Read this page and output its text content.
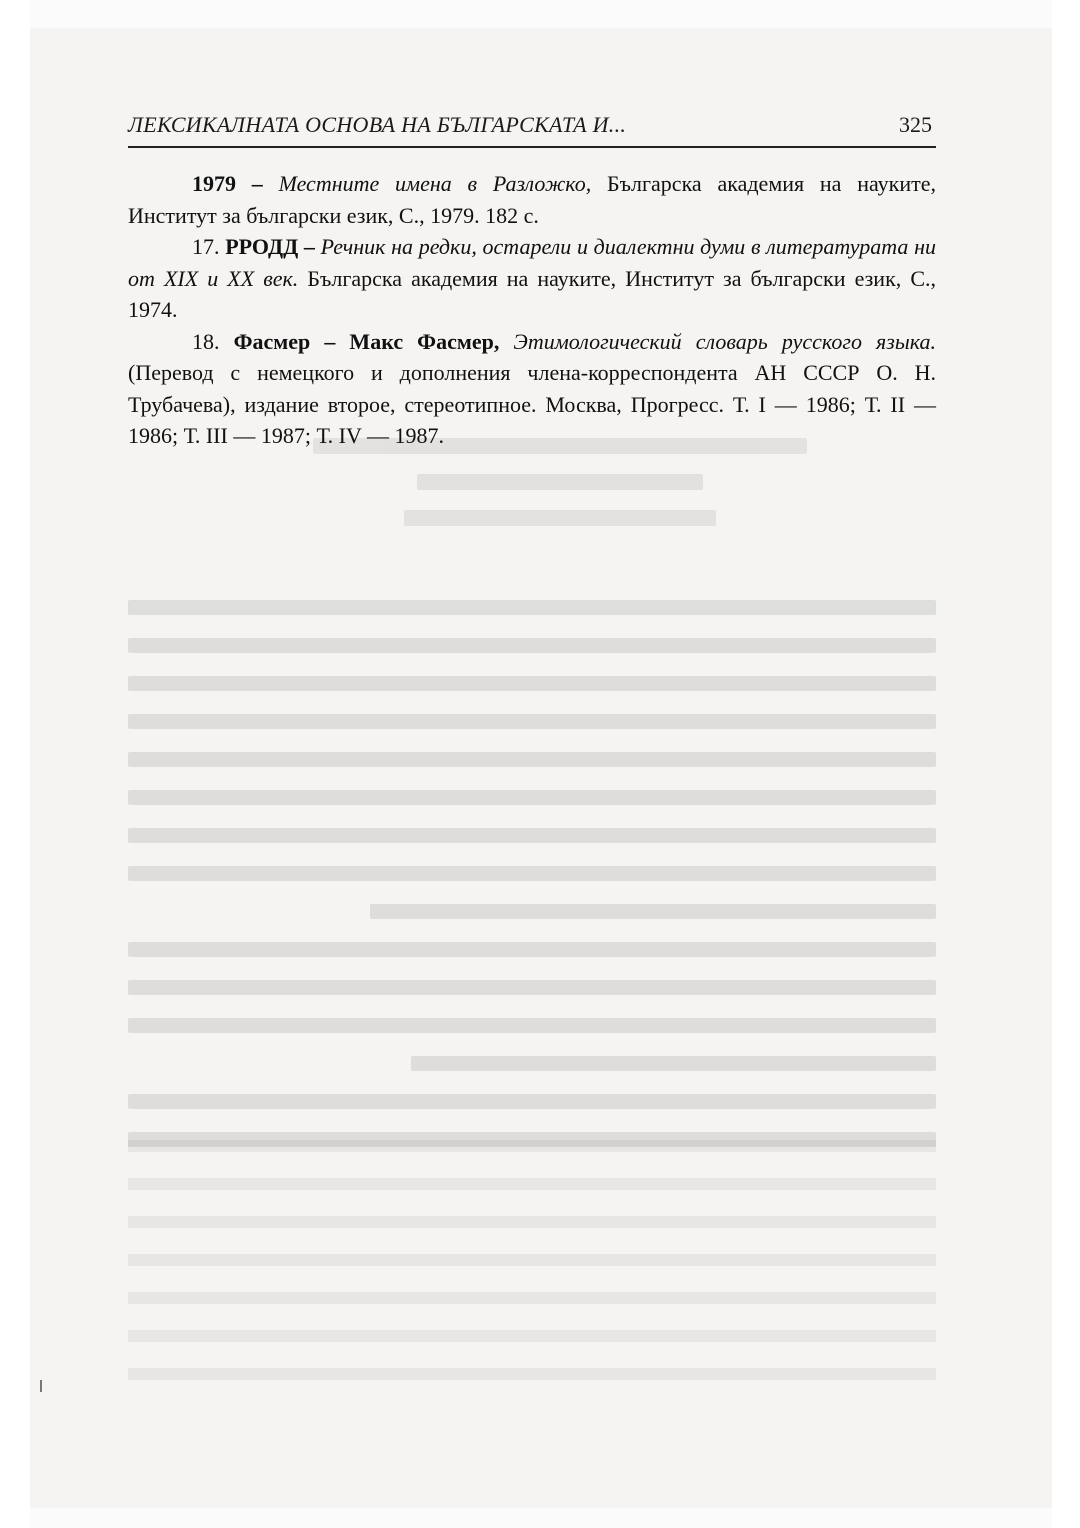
ЛЕКСИКАЛНАТА ОСНОВА НА БЪЛГАРСКАТА И...	325

1979 – Местните имена в Разложко, Българска академия на науките, Институт за български език, С., 1979. 182 с.

17. РРОДД – Речник на редки, остарели и диалектни думи в литературата ни от XIX и XX век. Българска академия на науките, Институт за български език, С., 1974.

18. Фасмер – Макс Фасмер, Этимологический словарь русского языка. (Перевод с немецкого и дополнения члена-корреспондента АН СССР О. Н. Трубачева), издание второе, стереотипное. Москва, Прогресс. Т. I — 1986; Т. II — 1986; Т. III — 1987; Т. IV — 1987.
